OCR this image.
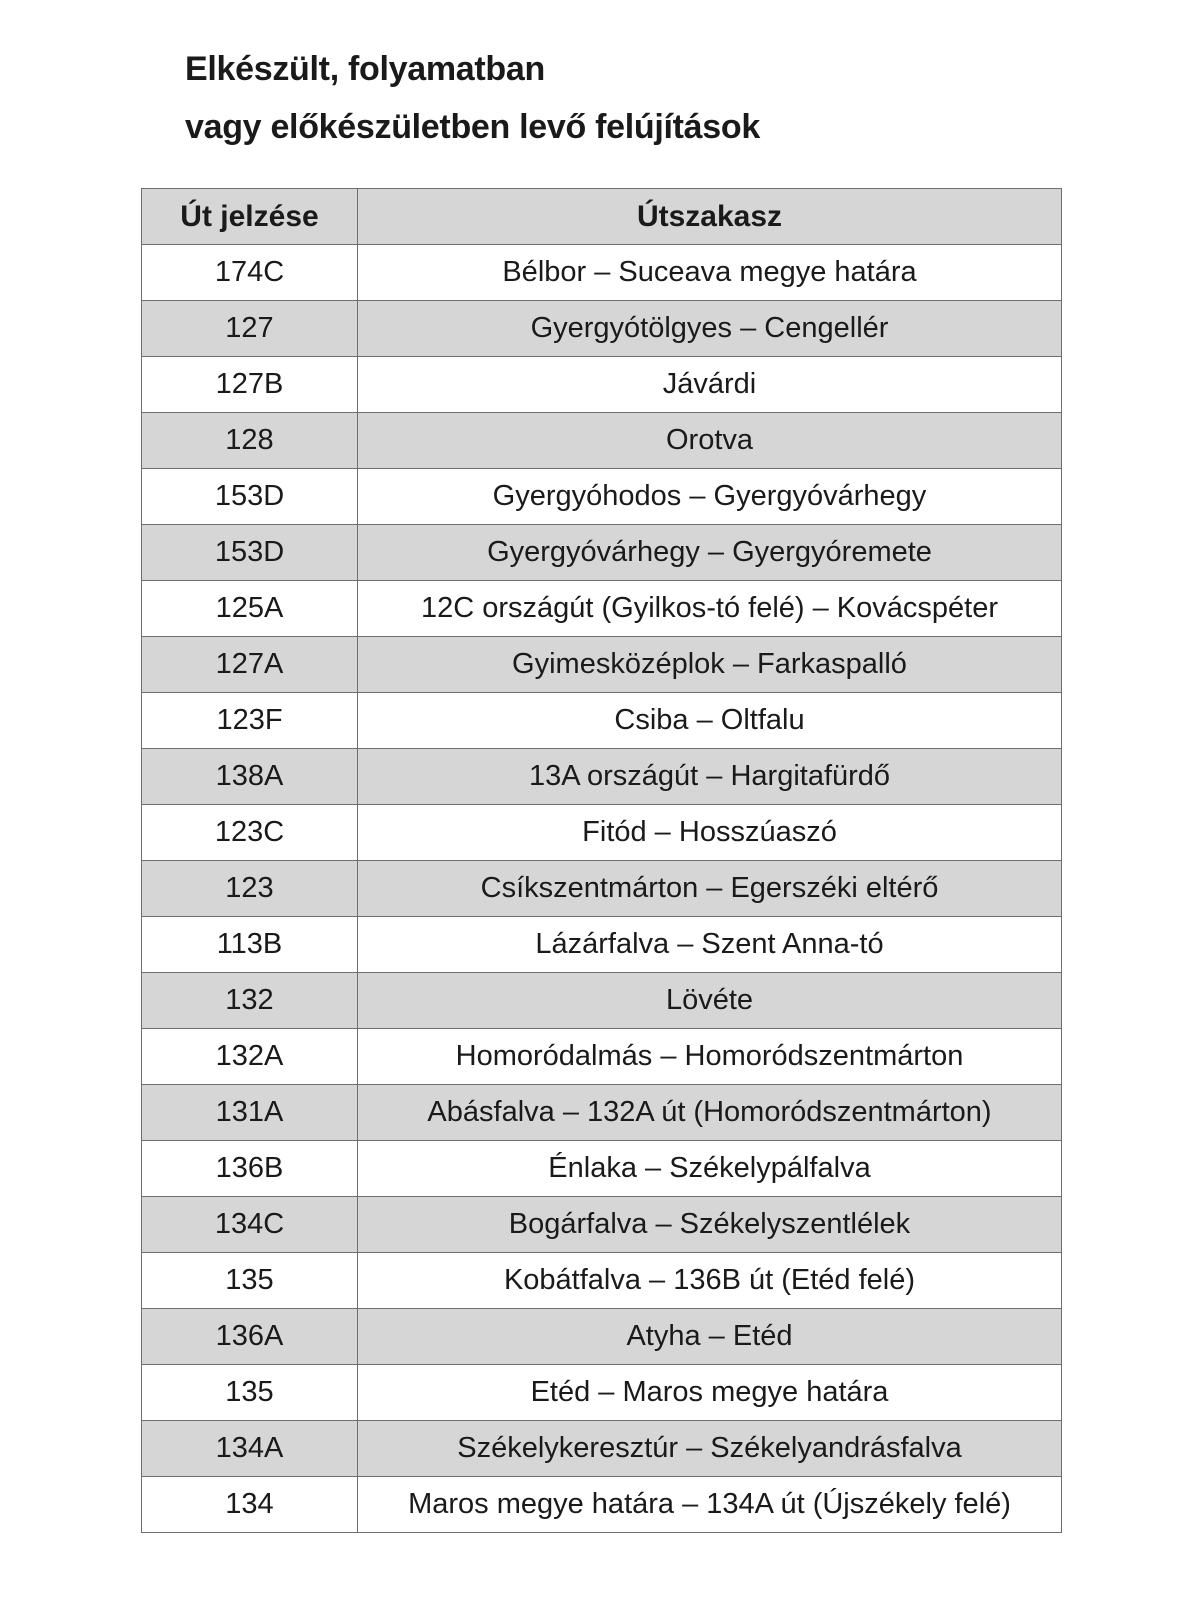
Elkészült, folyamatban
vagy előkészületben levő felújítások
Út jelzése	Útszakasz
174C	Bélbor – Suceava megye határa
127	Gyergyótölgyes – Cengellér
127B	Jávárdi
128	Orotva
153D	Gyergyóhodos – Gyergyóvárhegy
153D	Gyergyóvárhegy – Gyergyóremete
125A	12C országút (Gyilkos-tó felé) – Kovácspéter
127A	Gyimesközéplok – Farkaspalló
123F	Csiba – Oltfalu
138A	13A országút – Hargitafürdő
123C	Fitód – Hosszúaszó
123	Csíkszentmárton – Egerszéki eltérő
113B	Lázárfalva – Szent Anna-tó
132	Lövéte
132A	Homoródalmás – Homoródszentmárton
131A	Abásfalva – 132A út (Homoródszentmárton)
136B	Énlaka – Székelypálfalva
134C	Bogárfalva – Székelyszentlélek
135	Kobátfalva – 136B út (Etéd felé)
136A	Atyha – Etéd
135	Etéd – Maros megye határa
134A	Székelykeresztúr – Székelyandrásfalva
134	Maros megye határa – 134A út (Újszékely felé)
